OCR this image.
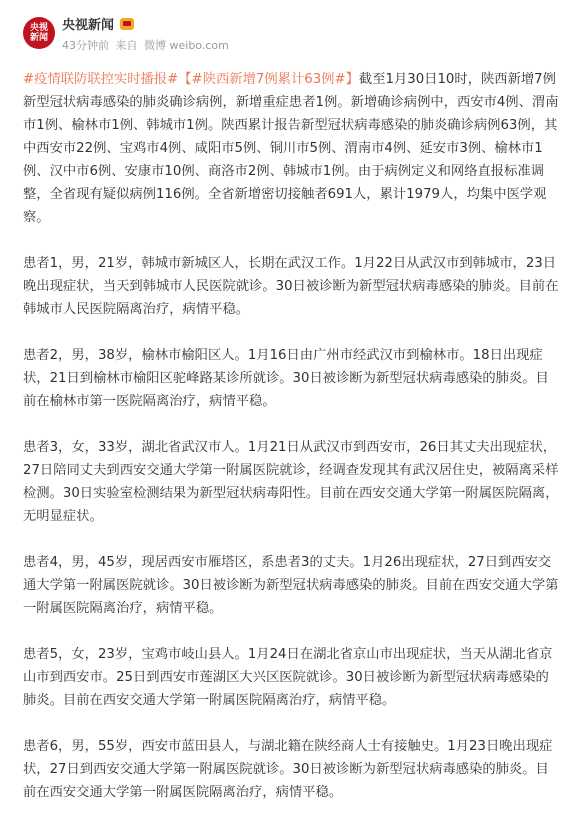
央视
新闻
央视新闻
43分钟前 来自 微博 weibo.com

#疫情联防联控实时播报#【#陕西新增7例累计63例#】截至1月30日10时，陕西新增7例新型冠状病毒感染的肺炎确诊病例，新增重症患者1例。新增确诊病例中，西安市4例、渭南市1例、榆林市1例、韩城市1例。陕西累计报告新型冠状病毒感染的肺炎确诊病例63例，其中西安市22例、宝鸡市4例、咸阳市5例、铜川市5例、渭南市4例、延安市3例、榆林市1例、汉中市6例、安康市10例、商洛市2例、韩城市1例。由于病例定义和网络直报标准调整，全省现有疑似病例116例。全省新增密切接触者691人，累计1979人，均集中医学观察。

患者1，男，21岁，韩城市新城区人，长期在武汉工作。1月22日从武汉市到韩城市，23日晚出现症状，当天到韩城市人民医院就诊。30日被诊断为新型冠状病毒感染的肺炎。目前在韩城市人民医院隔离治疗，病情平稳。

患者2，男，38岁，榆林市榆阳区人。1月16日由广州市经武汉市到榆林市。18日出现症状，21日到榆林市榆阳区驼峰路某诊所就诊。30日被诊断为新型冠状病毒感染的肺炎。目前在榆林市第一医院隔离治疗，病情平稳。

患者3，女，33岁，湖北省武汉市人。1月21日从武汉市到西安市，26日其丈夫出现症状，27日陪同丈夫到西安交通大学第一附属医院就诊，经调查发现其有武汉居住史，被隔离采样检测。30日实验室检测结果为新型冠状病毒阳性。目前在西安交通大学第一附属医院隔离，无明显症状。

患者4，男，45岁，现居西安市雁塔区，系患者3的丈夫。1月26出现症状，27日到西安交通大学第一附属医院就诊。30日被诊断为新型冠状病毒感染的肺炎。目前在西安交通大学第一附属医院隔离治疗，病情平稳。

患者5，女，23岁，宝鸡市岐山县人。1月24日在湖北省京山市出现症状，当天从湖北省京山市到西安市。25日到西安市莲湖区大兴区医院就诊。30日被诊断为新型冠状病毒感染的肺炎。目前在西安交通大学第一附属医院隔离治疗，病情平稳。

患者6，男，55岁，西安市蓝田县人，与湖北籍在陕经商人士有接触史。1月23日晚出现症状，27日到西安交通大学第一附属医院就诊。30日被诊断为新型冠状病毒感染的肺炎。目前在西安交通大学第一附属医院隔离治疗，病情平稳。
